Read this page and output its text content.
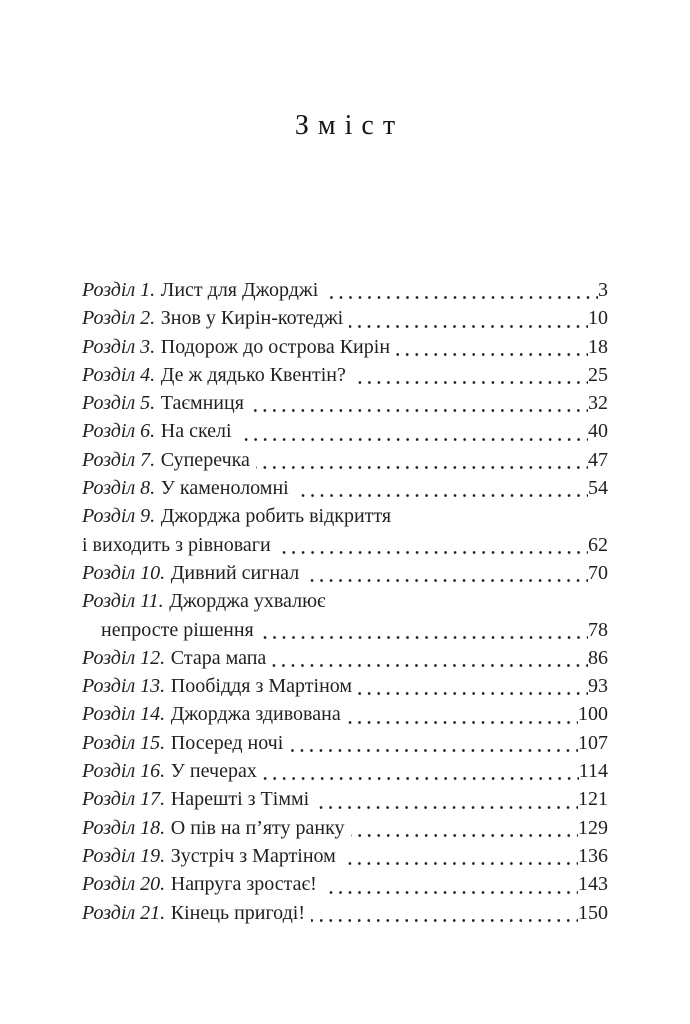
Зміст
Розділ 1. Лист для Джорджі	3
Розділ 2. Знов у Кирін-котеджі	10
Розділ 3. Подорож до острова Кирін	18
Розділ 4. Де ж дядько Квентін?	25
Розділ 5. Таємниця	32
Розділ 6. На скелі	40
Розділ 7. Суперечка	47
Розділ 8. У каменоломні	54
Розділ 9. Джорджа робить відкриття
і виходить з рівноваги	62
Розділ 10. Дивний сигнал	70
Розділ 11. Джорджа ухвалює
непросте рішення	78
Розділ 12. Стара мапа	86
Розділ 13. Пообіддя з Мартіном	93
Розділ 14. Джорджа здивована	100
Розділ 15. Посеред ночі	107
Розділ 16. У печерах	114
Розділ 17. Нарешті з Тіммі	121
Розділ 18. О пів на п’яту ранку	129
Розділ 19. Зустріч з Мартіном	136
Розділ 20. Напруга зростає!	143
Розділ 21. Кінець пригоді!	150
